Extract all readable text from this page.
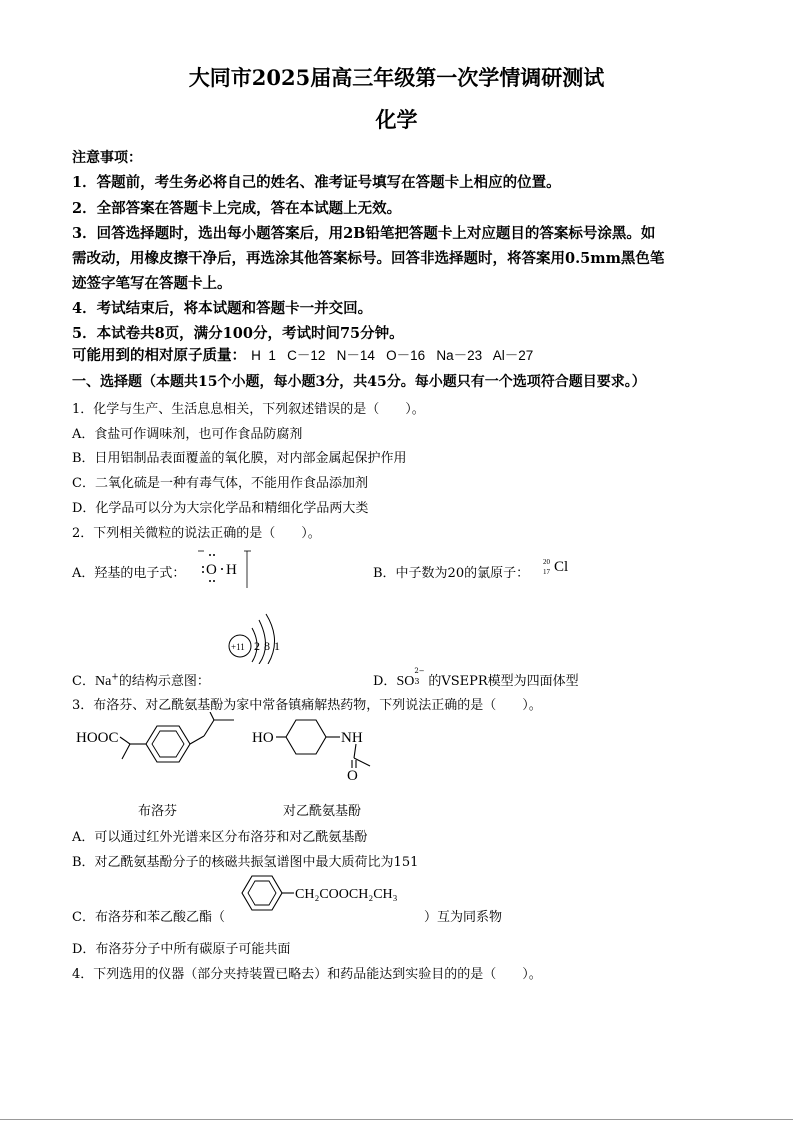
大同市2025届高三年级第一次学情调研测试
化学
注意事项：
1．答题前，考生务必将自己的姓名、准考证号填写在答题卡上相应的位置。
2．全部答案在答题卡上完成，答在本试题上无效。
3．回答选择题时，选出每小题答案后，用2B铅笔把答题卡上对应题目的答案标号涂黑。如
需改动，用橡皮擦干净后，再选涂其他答案标号。回答非选择题时，将答案用0.5mm黑色笔
迹签字笔写在答题卡上。
4．考试结束后，将本试题和答题卡一并交回。
5．本试卷共8页，满分100分，考试时间75分钟。
可能用到的相对原子质量： H  1   C－12   N－14   O－16   Na－23   Al－27
一、选择题（本题共15个小题，每小题3分，共45分。每小题只有一个选项符合题目要求。）
1．化学与生产、生活息息相关，下列叙述错误的是（　　）。
A．食盐可作调味剂，也可作食品防腐剂
B．日用铝制品表面覆盖的氧化膜，对内部金属起保护作用
C．二氧化硫是一种有毒气体，不能用作食品添加剂
D．化学品可以分为大宗化学品和精细化学品两大类
2．下列相关微粒的说法正确的是（　　）。
A．羟基的电子式： O H	B．中子数为20的氯原子：
20
17 Cl
+11 2 8 1
C．Na+的结构示意图：	D．SO
2−
3 的VSEPR模型为四面体型
3．布洛芬、对乙酰氨基酚为家中常备镇痛解热药物，下列说法正确的是（　　）。
HOOC	HO	NH
O
布洛芬	对乙酰氨基酚
A．可以通过红外光谱来区分布洛芬和对乙酰氨基酚
B．对乙酰氨基酚分子的核磁共振氢谱图中最大质荷比为151
C．布洛芬和苯乙酸乙酯（
CH₂COOCH₂CH₃
）互为同系物
D．布洛芬分子中所有碳原子可能共面
4．下列选用的仪器（部分夹持装置已略去）和药品能达到实验目的的是（　　）。
